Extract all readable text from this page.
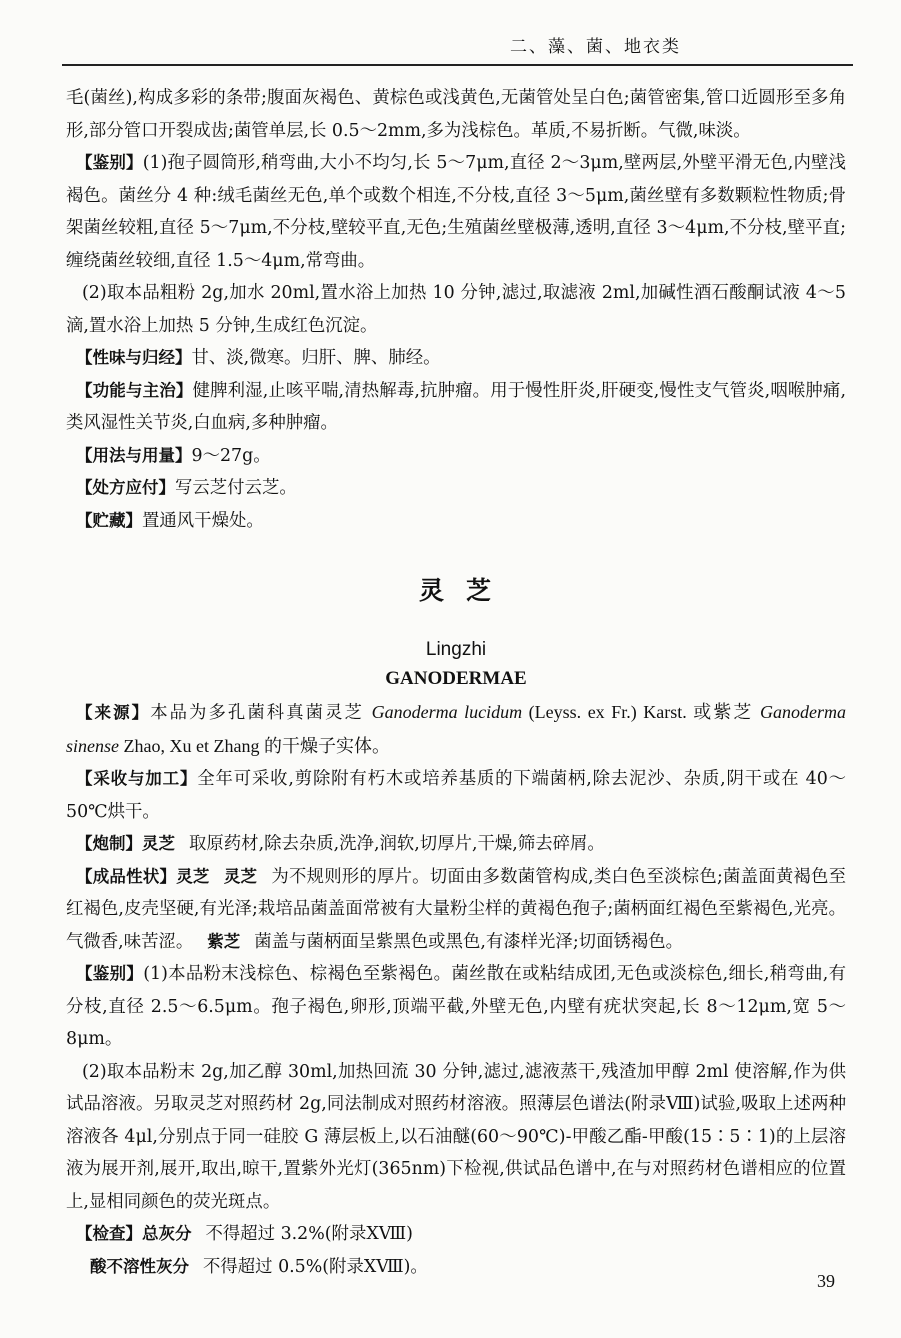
二、藻、菌、地衣类

毛(菌丝),构成多彩的条带;腹面灰褐色、黄棕色或浅黄色,无菌管处呈白色;菌管密集,管口近圆形至多角形,部分管口开裂成齿;菌管单层,长 0.5～2mm,多为浅棕色。革质,不易折断。气微,味淡。

【鉴别】(1)孢子圆筒形,稍弯曲,大小不均匀,长 5～7μm,直径 2～3μm,壁两层,外壁平滑无色,内壁浅褐色。菌丝分 4 种:绒毛菌丝无色,单个或数个相连,不分枝,直径 3～5μm,菌丝壁有多数颗粒性物质;骨架菌丝较粗,直径 5～7μm,不分枝,壁较平直,无色;生殖菌丝壁极薄,透明,直径 3～4μm,不分枝,壁平直;缠绕菌丝较细,直径 1.5～4μm,常弯曲。

(2)取本品粗粉 2g,加水 20ml,置水浴上加热 10 分钟,滤过,取滤液 2ml,加碱性酒石酸酮试液 4～5 滴,置水浴上加热 5 分钟,生成红色沉淀。

【性味与归经】甘、淡,微寒。归肝、脾、肺经。

【功能与主治】健脾利湿,止咳平喘,清热解毒,抗肿瘤。用于慢性肝炎,肝硬变,慢性支气管炎,咽喉肿痛,类风湿性关节炎,白血病,多种肿瘤。

【用法与用量】9～27g。

【处方应付】写云芝付云芝。

【贮藏】置通风干燥处。

灵芝
Lingzhi
GANODERMAE

【来源】本品为多孔菌科真菌灵芝 Ganoderma lucidum (Leyss. ex Fr.) Karst. 或紫芝 Ganoderma sinense Zhao, Xu et Zhang 的干燥子实体。

【采收与加工】全年可采收,剪除附有朽木或培养基质的下端菌柄,除去泥沙、杂质,阴干或在 40～50℃烘干。

【炮制】灵芝 取原药材,除去杂质,洗净,润软,切厚片,干燥,筛去碎屑。

【成品性状】灵芝 灵芝 为不规则形的厚片。切面由多数菌管构成,类白色至淡棕色;菌盖面黄褐色至红褐色,皮壳坚硬,有光泽;栽培品菌盖面常被有大量粉尘样的黄褐色孢子;菌柄面红褐色至紫褐色,光亮。气微香,味苦涩。 紫芝 菌盖与菌柄面呈紫黑色或黑色,有漆样光泽;切面锈褐色。

【鉴别】(1)本品粉末浅棕色、棕褐色至紫褐色。菌丝散在或粘结成团,无色或淡棕色,细长,稍弯曲,有分枝,直径 2.5～6.5μm。孢子褐色,卵形,顶端平截,外壁无色,内壁有疣状突起,长 8～12μm,宽 5～8μm。

(2)取本品粉末 2g,加乙醇 30ml,加热回流 30 分钟,滤过,滤液蒸干,残渣加甲醇 2ml 使溶解,作为供试品溶液。另取灵芝对照药材 2g,同法制成对照药材溶液。照薄层色谱法(附录Ⅷ)试验,吸取上述两种溶液各 4μl,分别点于同一硅胶 G 薄层板上,以石油醚(60～90℃)-甲酸乙酯-甲酸(15∶5∶1)的上层溶液为展开剂,展开,取出,晾干,置紫外光灯(365nm)下检视,供试品色谱中,在与对照药材色谱相应的位置上,显相同颜色的荧光斑点。

【检查】总灰分 不得超过 3.2%(附录ⅩⅧ)

酸不溶性灰分 不得超过 0.5%(附录ⅩⅧ)。

39
